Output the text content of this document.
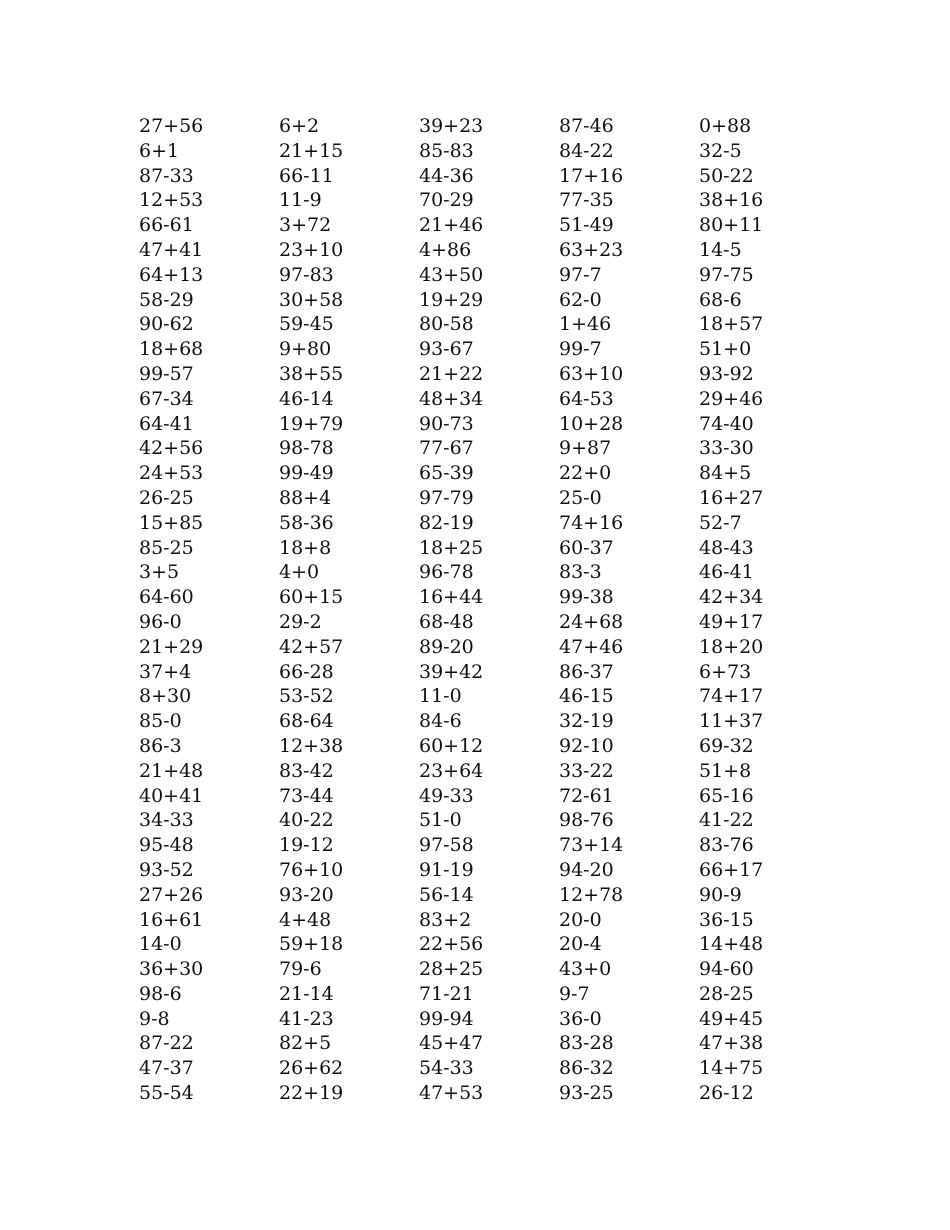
27+56	6+2	39+23	87-46	0+88
6+1	21+15	85-83	84-22	32-5
87-33	66-11	44-36	17+16	50-22
12+53	11-9	70-29	77-35	38+16
66-61	3+72	21+46	51-49	80+11
47+41	23+10	4+86	63+23	14-5
64+13	97-83	43+50	97-7	97-75
58-29	30+58	19+29	62-0	68-6
90-62	59-45	80-58	1+46	18+57
18+68	9+80	93-67	99-7	51+0
99-57	38+55	21+22	63+10	93-92
67-34	46-14	48+34	64-53	29+46
64-41	19+79	90-73	10+28	74-40
42+56	98-78	77-67	9+87	33-30
24+53	99-49	65-39	22+0	84+5
26-25	88+4	97-79	25-0	16+27
15+85	58-36	82-19	74+16	52-7
85-25	18+8	18+25	60-37	48-43
3+5	4+0	96-78	83-3	46-41
64-60	60+15	16+44	99-38	42+34
96-0	29-2	68-48	24+68	49+17
21+29	42+57	89-20	47+46	18+20
37+4	66-28	39+42	86-37	6+73
8+30	53-52	11-0	46-15	74+17
85-0	68-64	84-6	32-19	11+37
86-3	12+38	60+12	92-10	69-32
21+48	83-42	23+64	33-22	51+8
40+41	73-44	49-33	72-61	65-16
34-33	40-22	51-0	98-76	41-22
95-48	19-12	97-58	73+14	83-76
93-52	76+10	91-19	94-20	66+17
27+26	93-20	56-14	12+78	90-9
16+61	4+48	83+2	20-0	36-15
14-0	59+18	22+56	20-4	14+48
36+30	79-6	28+25	43+0	94-60
98-6	21-14	71-21	9-7	28-25
9-8	41-23	99-94	36-0	49+45
87-22	82+5	45+47	83-28	47+38
47-37	26+62	54-33	86-32	14+75
55-54	22+19	47+53	93-25	26-12
